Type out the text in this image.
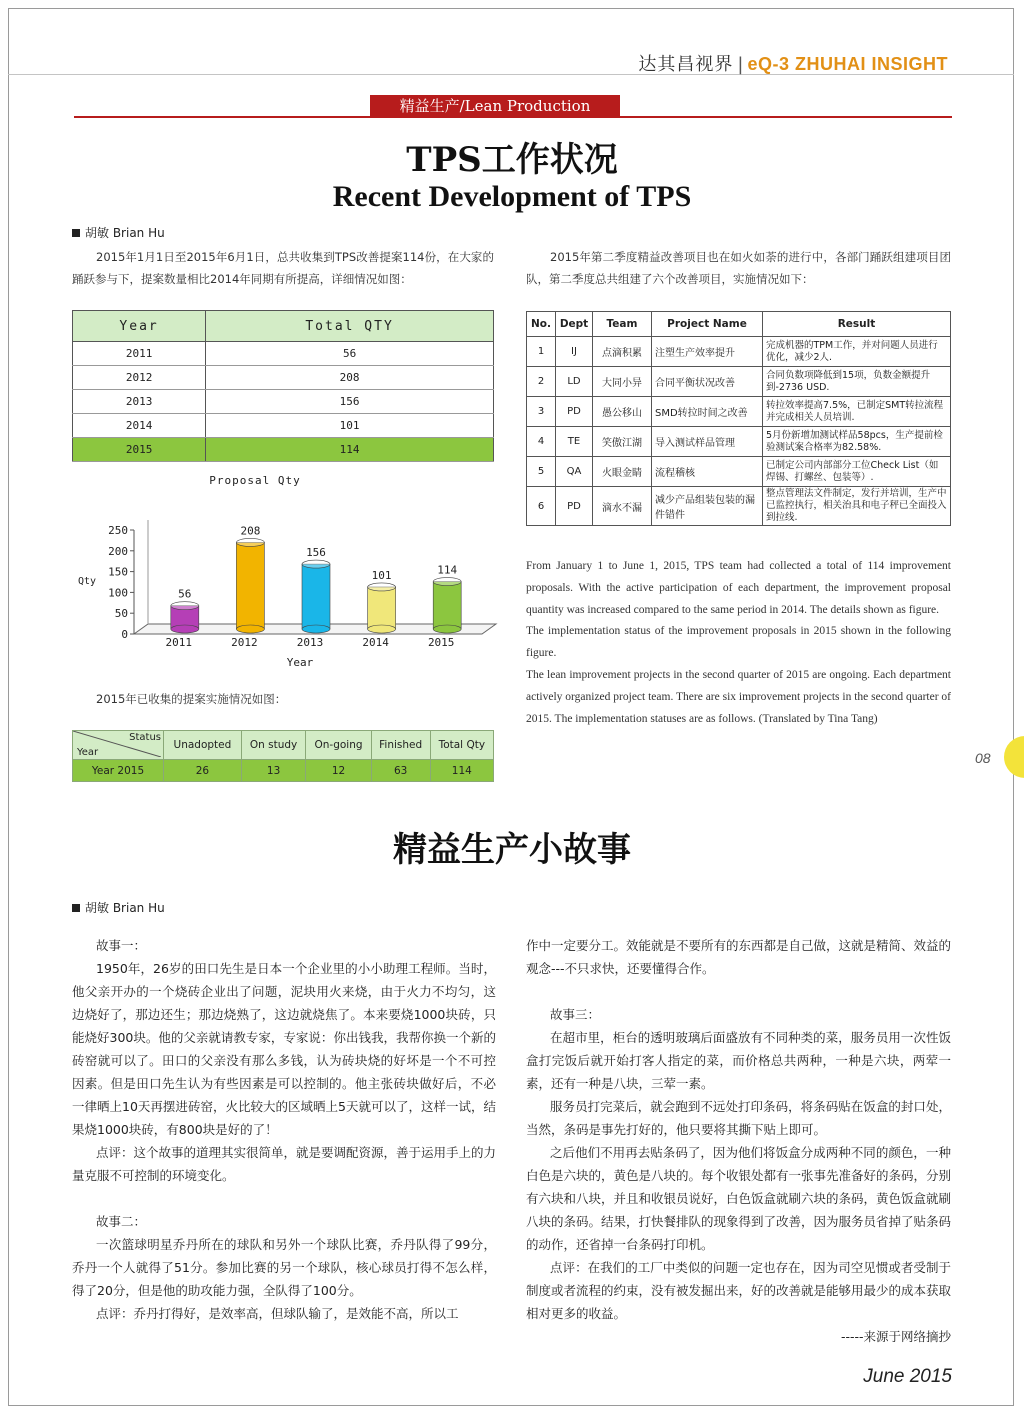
达其昌视界 | eQ-3 ZHUHAI INSIGHT
08
精益生产/Lean Production
TPS工作状况
Recent Development of TPS
胡敏 Brian Hu
2015年1月1日至2015年6月1日，总共收集到TPS改善提案114份，在大家的踊跃参与下，提案数量相比2014年同期有所提高，详细情况如图：
2015年第二季度精益改善项目也在如火如荼的进行中，各部门踊跃组建项目团队，第二季度总共组建了六个改善项目，实施情况如下：
Year	Total QTY
2011	56
2012	208
2013	156
2014	101
2015	114
Proposal Qty
0
50
100
150
200
250
Qty
Year
56
2011
208
2012
156
2013
101
2014
114
2015
2015年已收集的提案实施情况如图：
Status
Year	Unadopted	On study	On-going	Finished	Total Qty
Year 2015	26	13	12	63	114
No.	Dept	Team	Project Name	Result
1	IJ	点滴积累	注塑生产效率提升	完成机器的TPM工作，并对问题人员进行优化，减少2人.
2	LD	大同小异	合同平衡状况改善	合同负数项降低到15项，负数金额提升到-2736 USD.
3	PD	愚公移山	SMD转拉时间之改善	转拉效率提高7.5%，已制定SMT转拉流程并完成相关人员培训.
4	TE	笑傲江湖	导入测试样品管理	5月份新增加测试样品58pcs，生产提前检验测试案合格率为82.58%.
5	QA	火眼金睛	流程稽核	已制定公司内部部分工位Check List（如焊锡、打螺丝、包装等）.
6	PD	滴水不漏	减少产品组装包装的漏件错件	整点管理法文件制定，发行并培训，生产中已监控执行，相关治具和电子秤已全面投入到拉线.

From January 1 to June 1, 2015, TPS team had collected a total of 114 improvement proposals. With the active participation of each department, the improvement proposal quantity was increased compared to the same period in 2014. The details shown as figure.

The implementation status of the improvement proposals in 2015 shown in the following figure.

The lean improvement projects in the second quarter of 2015 are ongoing. Each department actively organized project team. There are six improvement projects in the second quarter of 2015. The implementation statuses are as follows. (Translated by Tina Tang)

精益生产小故事
胡敏 Brian Hu

故事一：

1950年，26岁的田口先生是日本一个企业里的小小助理工程师。当时，他父亲开办的一个烧砖企业出了问题，泥块用火来烧，由于火力不均匀，这边烧好了，那边还生；那边烧熟了，这边就烧焦了。本来要烧1000块砖，只能烧好300块。他的父亲就请教专家，专家说：你出钱我，我帮你换一个新的砖窑就可以了。田口的父亲没有那么多钱，认为砖块烧的好坏是一个不可控因素。但是田口先生认为有些因素是可以控制的。他主张砖块做好后，不必一律晒上10天再摆进砖窑，火比较大的区域晒上5天就可以了，这样一试，结果烧1000块砖，有800块是好的了！

点评：这个故事的道理其实很简单，就是要调配资源，善于运用手上的力量克服不可控制的环境变化。

故事二：

一次篮球明星乔丹所在的球队和另外一个球队比赛，乔丹队得了99分，乔丹一个人就得了51分。参加比赛的另一个球队，核心球员打得不怎么样，得了20分，但是他的助攻能力强，全队得了100分。

点评：乔丹打得好，是效率高，但球队输了，是效能不高，所以工

作中一定要分工。效能就是不要所有的东西都是自己做，这就是精简、效益的观念---不只求快，还要懂得合作。

故事三：

在超市里，柜台的透明玻璃后面盛放有不同种类的菜，服务员用一次性饭盒打完饭后就开始打客人指定的菜，而价格总共两种，一种是六块，两荤一素，还有一种是八块，三荤一素。

服务员打完菜后，就会跑到不远处打印条码，将条码贴在饭盒的封口处，当然，条码是事先打好的，他只要将其撕下贴上即可。

之后他们不用再去贴条码了，因为他们将饭盒分成两种不同的颜色，一种白色是六块的，黄色是八块的。每个收银处都有一张事先准备好的条码，分别有六块和八块，并且和收银员说好，白色饭盒就刷六块的条码，黄色饭盒就刷八块的条码。结果，打快餐排队的现象得到了改善，因为服务员省掉了贴条码的动作，还省掉一台条码打印机。

点评：在我们的工厂中类似的问题一定也存在，因为司空见惯或者受制于制度或者流程的约束，没有被发掘出来，好的改善就是能够用最少的成本获取相对更多的收益。

-----来源于网络摘抄

June 2015
